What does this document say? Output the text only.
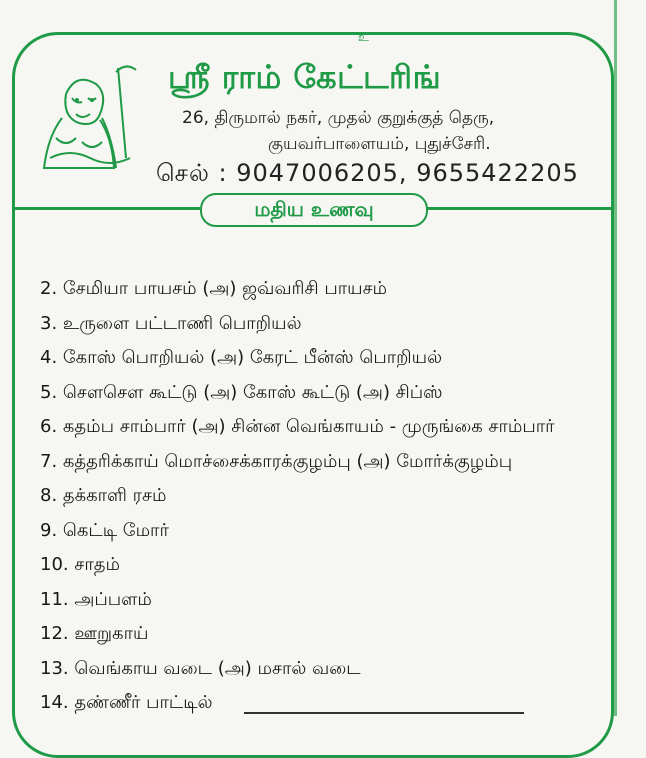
உ
ஸ்ரீ ராம் கேட்டரிங்
26, திருமால் நகர், முதல் குறுக்குத் தெரு,
குயவர்பாளையம், புதுச்சேரி.
செல் : 9047006205, 9655422205
மதிய உணவு
2. சேமியா பாயசம் (அ) ஜவ்வரிசி பாயசம்
3. உருளை பட்டாணி பொறியல்
4. கோஸ் பொறியல் (அ) கேரட் பீன்ஸ் பொறியல்
5. சௌசௌ கூட்டு (அ) கோஸ் கூட்டு (அ) சிப்ஸ்
6. கதம்ப சாம்பார் (அ) சின்ன வெங்காயம் - முருங்கை சாம்பார்
7. கத்தரிக்காய் மொச்சைக்காரக்குழம்பு (அ) மோர்க்குழம்பு
8. தக்காளி ரசம்
9. கெட்டி மோர்
10. சாதம்
11. அப்பளம்
12. ஊறுகாய்
13. வெங்காய வடை (அ) மசால் வடை
14. தண்ணீர் பாட்டில்
